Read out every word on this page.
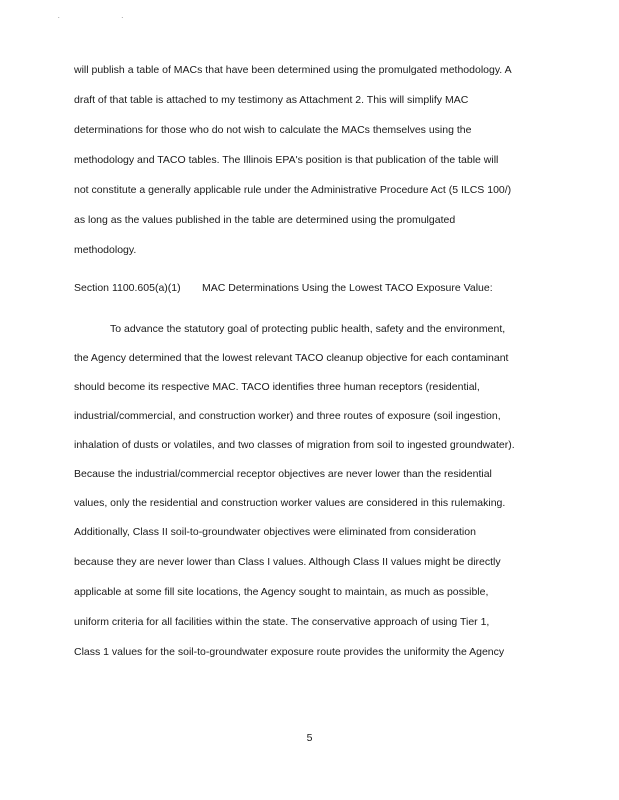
. .
will publish a table of MACs that have been determined using the promulgated methodology. A
draft of that table is attached to my testimony as Attachment 2. This will simplify MAC
determinations for those who do not wish to calculate the MACs themselves using the
methodology and TACO tables. The Illinois EPA's position is that publication of the table will
not constitute a generally applicable rule under the Administrative Procedure Act (5 ILCS 100/)
as long as the values published in the table are determined using the promulgated
methodology.
Section 1100.605(a)(1) MAC Determinations Using the Lowest TACO Exposure Value:
To advance the statutory goal of protecting public health, safety and the environment,
the Agency determined that the lowest relevant TACO cleanup objective for each contaminant
should become its respective MAC. TACO identifies three human receptors (residential,
industrial/commercial, and construction worker) and three routes of exposure (soil ingestion,
inhalation of dusts or volatiles, and two classes of migration from soil to ingested groundwater).
Because the industrial/commercial receptor objectives are never lower than the residential
values, only the residential and construction worker values are considered in this rulemaking.
Additionally, Class II soil-to-groundwater objectives were eliminated from consideration
because they are never lower than Class I values. Although Class II values might be directly
applicable at some fill site locations, the Agency sought to maintain, as much as possible,
uniform criteria for all facilities within the state. The conservative approach of using Tier 1,
Class 1 values for the soil-to-groundwater exposure route provides the uniformity the Agency
5
